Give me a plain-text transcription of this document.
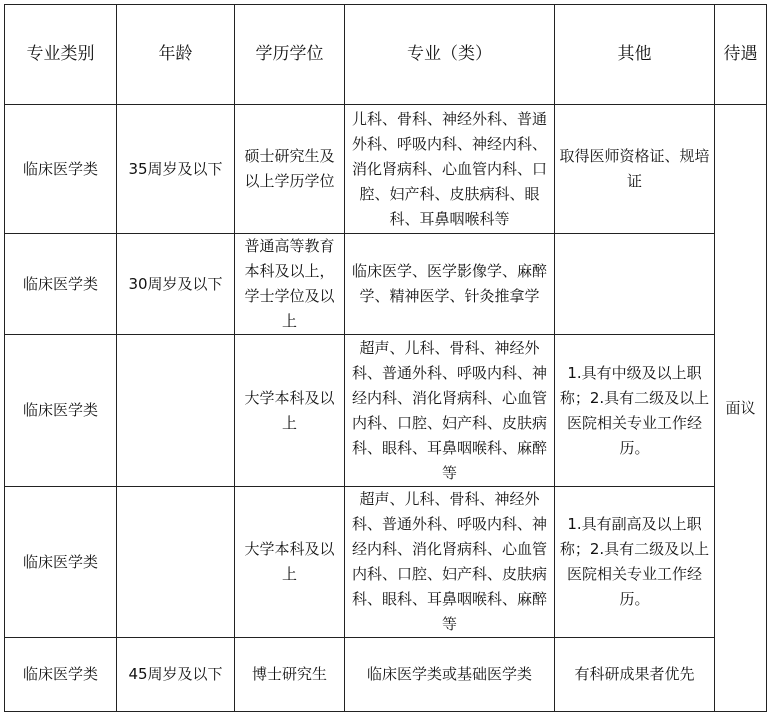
专业类别	年龄	学历学位	专业（类）	其他	待遇
临床医学类	35周岁及以下	硕士研究生及以上学历学位	儿科、骨科、神经外科、普通外科、呼吸内科、神经内科、消化肾病科、心血管内科、口腔、妇产科、皮肤病科、眼科、耳鼻咽喉科等	取得医师资格证、规培证	面议
临床医学类	30周岁及以下	普通高等教育本科及以上，学士学位及以上	临床医学、医学影像学、麻醉学、精神医学、针灸推拿学		
临床医学类		大学本科及以上	超声、儿科、骨科、神经外科、普通外科、呼吸内科、神经内科、消化肾病科、心血管内科、口腔、妇产科、皮肤病科、眼科、耳鼻咽喉科、麻醉等	1.具有中级及以上职称；2.具有二级及以上医院相关专业工作经历。	
临床医学类		大学本科及以上	超声、儿科、骨科、神经外科、普通外科、呼吸内科、神经内科、消化肾病科、心血管内科、口腔、妇产科、皮肤病科、眼科、耳鼻咽喉科、麻醉等	1.具有副高及以上职称；2.具有二级及以上医院相关专业工作经历。	
临床医学类	45周岁及以下	博士研究生	临床医学类或基础医学类	有科研成果者优先	
